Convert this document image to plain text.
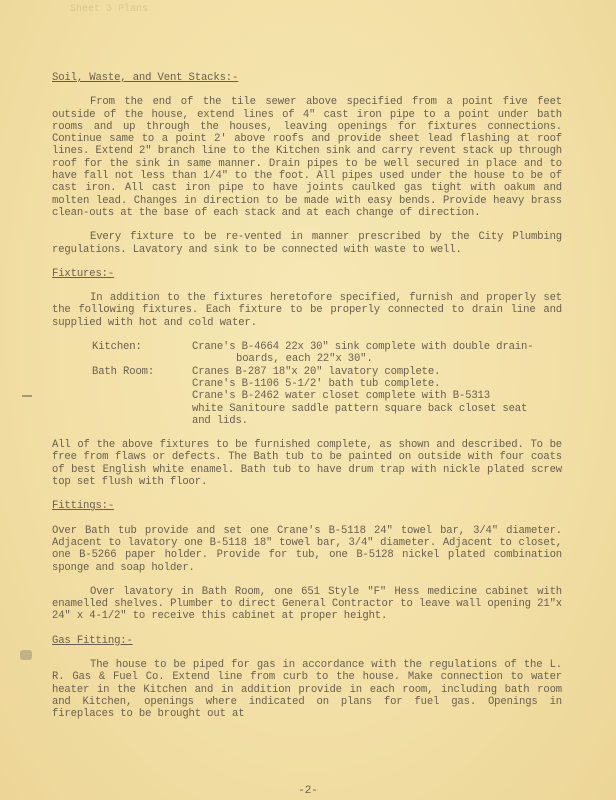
Sheet 3 Plans
Soil, Waste, and Vent Stacks:-

From the end of the tile sewer above specified from a point five feet outside of the house, extend lines of 4" cast iron pipe to a point under bath rooms and up through the houses, leaving openings for fixtures connections. Continue same to a point 2' above roofs and provide sheet lead flashing at roof lines. Extend 2" branch line to the Kitchen sink and carry revent stack up through roof for the sink in same manner. Drain pipes to be well secured in place and to have fall not less than 1/4" to the foot. All pipes used under the house to be of cast iron. All cast iron pipe to have joints caulked gas tight with oakum and molten lead. Changes in direction to be made with easy bends. Provide heavy brass clean-outs at the base of each stack and at each change of direction.

Every fixture to be re-vented in manner prescribed by the City Plumbing regulations. Lavatory and sink to be connected with waste to well.

Fixtures:-

In addition to the fixtures heretofore specified, furnish and properly set the following fixtures. Each fixture to be properly connected to drain line and supplied with hot and cold water.

Kitchen:	Crane's B-4664 22x 30" sink complete with double drain-
boards, each 22"x 30".
Bath Room:	Cranes B-287 18"x 20" lavatory complete.
Crane's B-1106 5-1/2' bath tub complete.
Crane's B-2462 water closet complete with B-5313
white Sanitoure saddle pattern square back closet seat
and lids.

All of the above fixtures to be furnished complete, as shown and described. To be free from flaws or defects. The Bath tub to be painted on outside with four coats of best English white enamel. Bath tub to have drum trap with nickle plated screw top set flush with floor.

Fittings:-

Over Bath tub provide and set one Crane's B-5118 24" towel bar, 3/4" diameter. Adjacent to lavatory one B-5118 18" towel bar, 3/4" diameter. Adjacent to closet, one B-5266 paper holder. Provide for tub, one B-5128 nickel plated combination sponge and soap holder.

Over lavatory in Bath Room, one 651 Style "F" Hess medicine cabinet with enamelled shelves. Plumber to direct General Contractor to leave wall opening 21"x 24" x 4-1/2" to receive this cabinet at proper height.

Gas Fitting:-

The house to be piped for gas in accordance with the regulations of the L. R. Gas & Fuel Co. Extend line from curb to the house. Make connection to water heater in the Kitchen and in addition provide in each room, including bath room and Kitchen, openings where indicated on plans for fuel gas. Openings in fireplaces to be brought out at

-2-
